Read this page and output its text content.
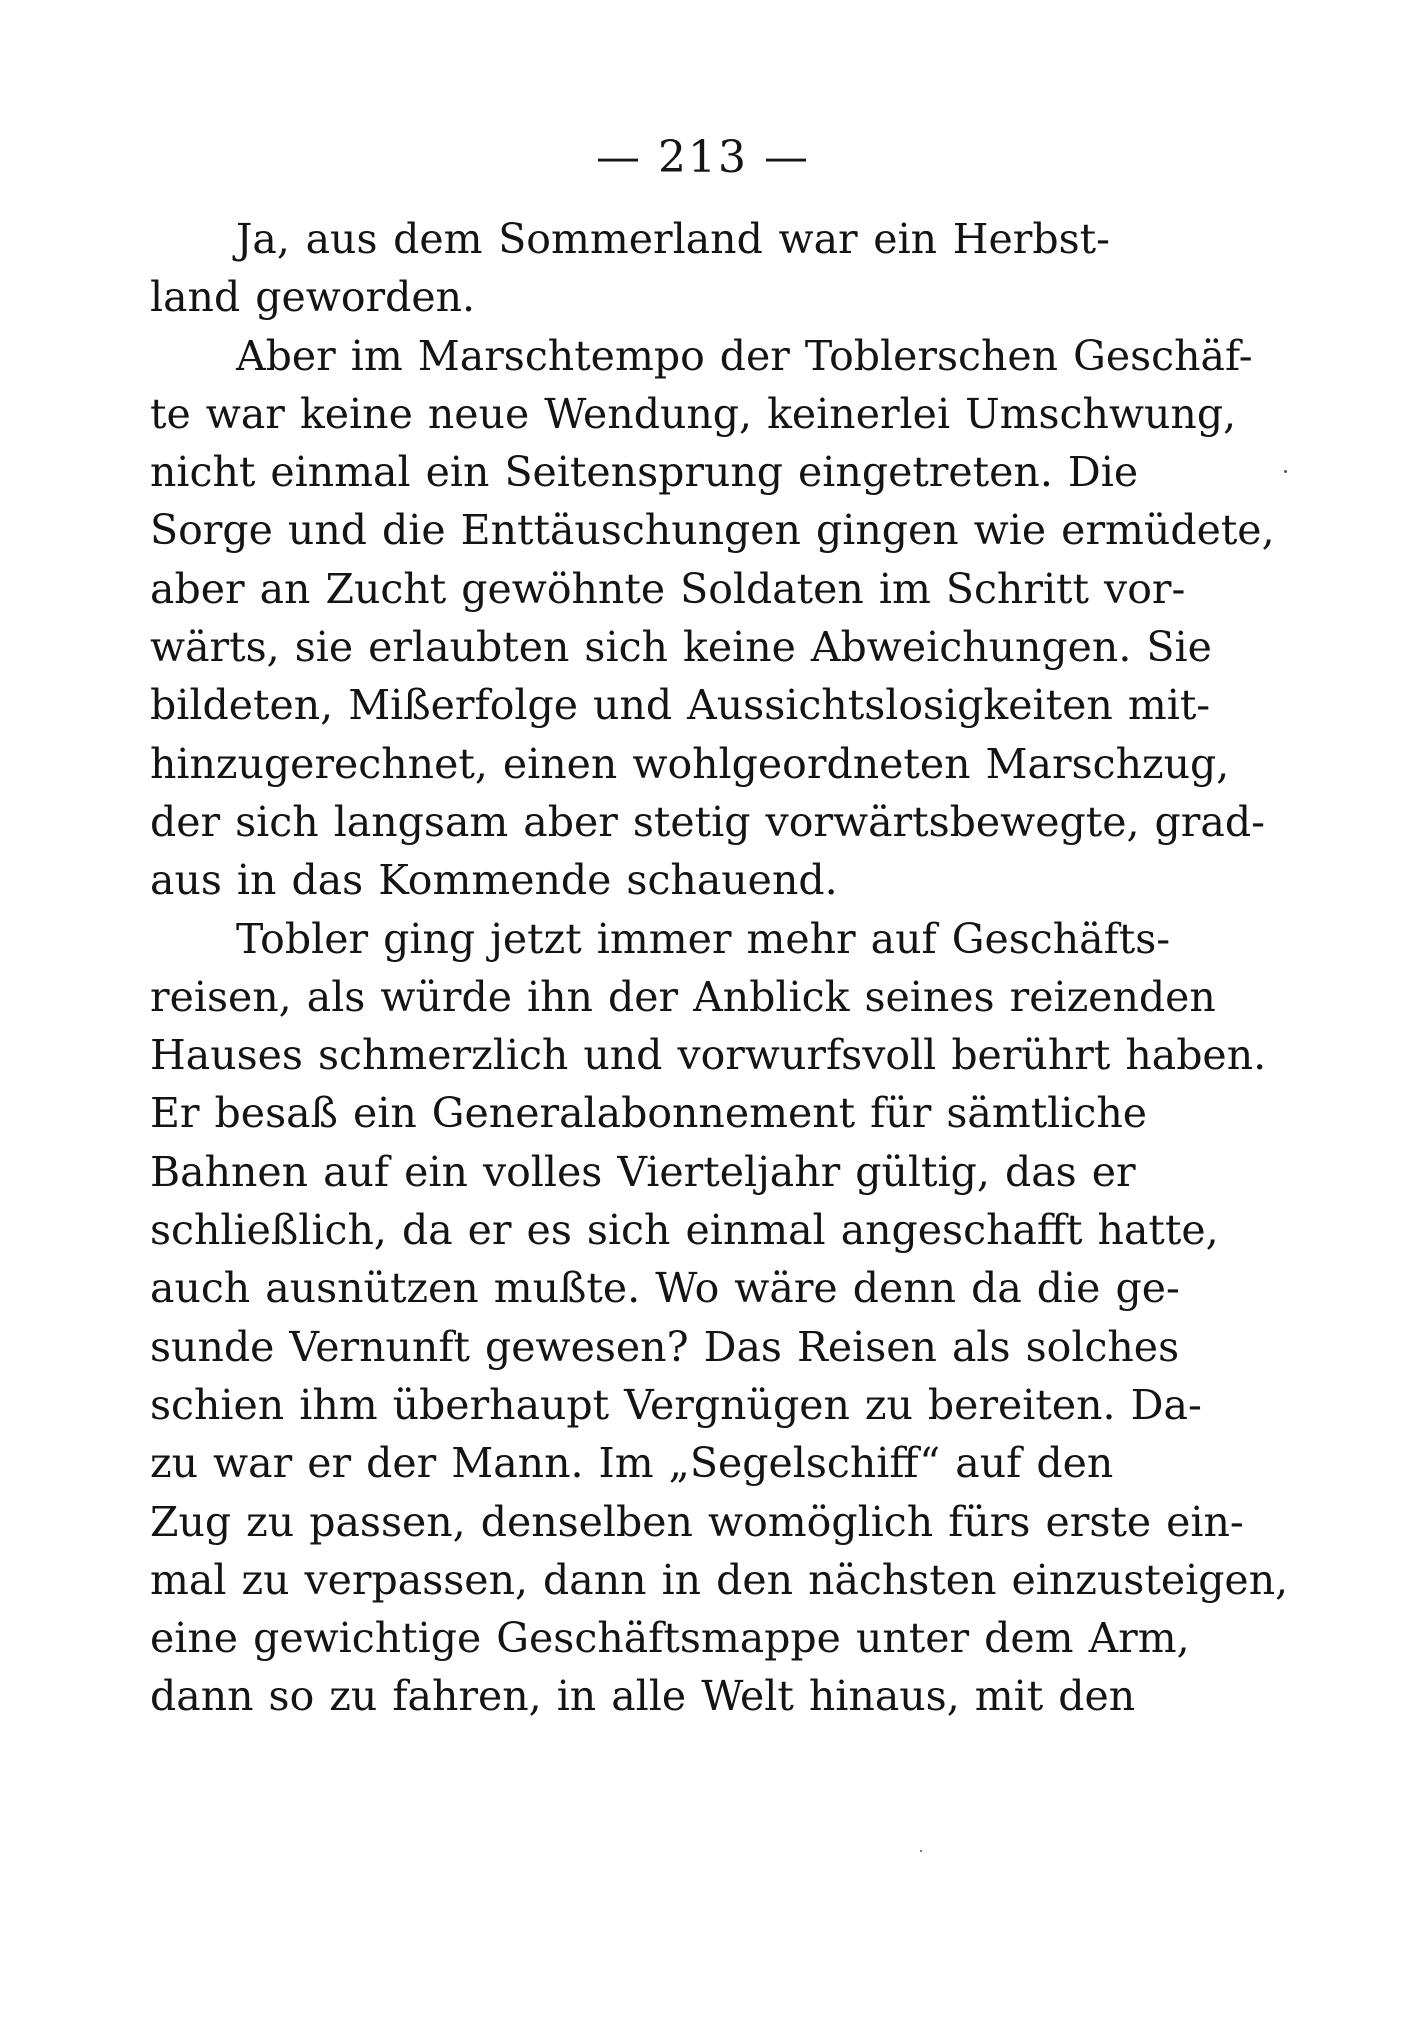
— 213 —
Ja, aus dem Sommerland war ein Herbst-
land geworden.
Aber im Marschtempo der Toblerschen Geschäf-
te war keine neue Wendung, keinerlei Umschwung,
nicht einmal ein Seitensprung eingetreten. Die
Sorge und die Enttäuschungen gingen wie ermüdete,
aber an Zucht gewöhnte Soldaten im Schritt vor-
wärts, sie erlaubten sich keine Abweichungen. Sie
bildeten, Mißerfolge und Aussichtslosigkeiten mit-
hinzugerechnet, einen wohlgeordneten Marschzug,
der sich langsam aber stetig vorwärtsbewegte, grad-
aus in das Kommende schauend.
Tobler ging jetzt immer mehr auf Geschäfts-
reisen, als würde ihn der Anblick seines reizenden
Hauses schmerzlich und vorwurfsvoll berührt haben.
Er besaß ein Generalabonnement für sämtliche
Bahnen auf ein volles Vierteljahr gültig, das er
schließlich, da er es sich einmal angeschafft hatte,
auch ausnützen mußte. Wo wäre denn da die ge-
sunde Vernunft gewesen? Das Reisen als solches
schien ihm überhaupt Vergnügen zu bereiten. Da-
zu war er der Mann. Im „Segelschiff“ auf den
Zug zu passen, denselben womöglich fürs erste ein-
mal zu verpassen, dann in den nächsten einzusteigen,
eine gewichtige Geschäftsmappe unter dem Arm,
dann so zu fahren, in alle Welt hinaus, mit den
